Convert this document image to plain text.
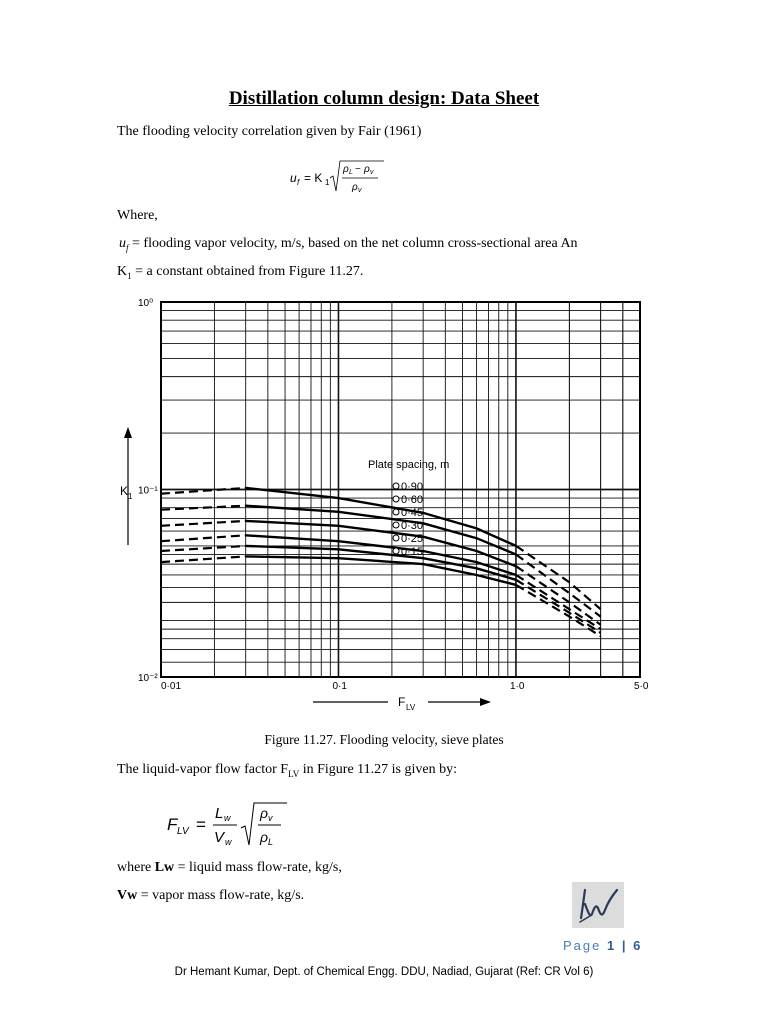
Distillation column design: Data Sheet
The flooding velocity correlation given by Fair (1961)
u f = K 1
ρ L − ρ v
ρ v
Where,
$u_f$ = flooding vapor velocity, m/s, based on the net column cross-sectional area An
$K_1 = a$ constant obtained from Figure 11.27.
0·90
0·60
0·45
0·30
0·25
0·15
Plate spacing, m
0·01	0·1	1·0	5·0
10⁰
10⁻¹
10⁻²
K 1
F LV
Figure 11.27. Flooding velocity, sieve plates
The liquid-vapor flow factor $F_{LV}$ in Figure 11.27 is given by:
F LV =
L w
V w
ρ v
ρ L
where Lw = liquid mass flow-rate, kg/s,
Vw = vapor mass flow-rate, kg/s.
Page 1 | 6
Dr Hemant Kumar, Dept. of Chemical Engg. DDU, Nadiad, Gujarat (Ref: CR Vol 6)
